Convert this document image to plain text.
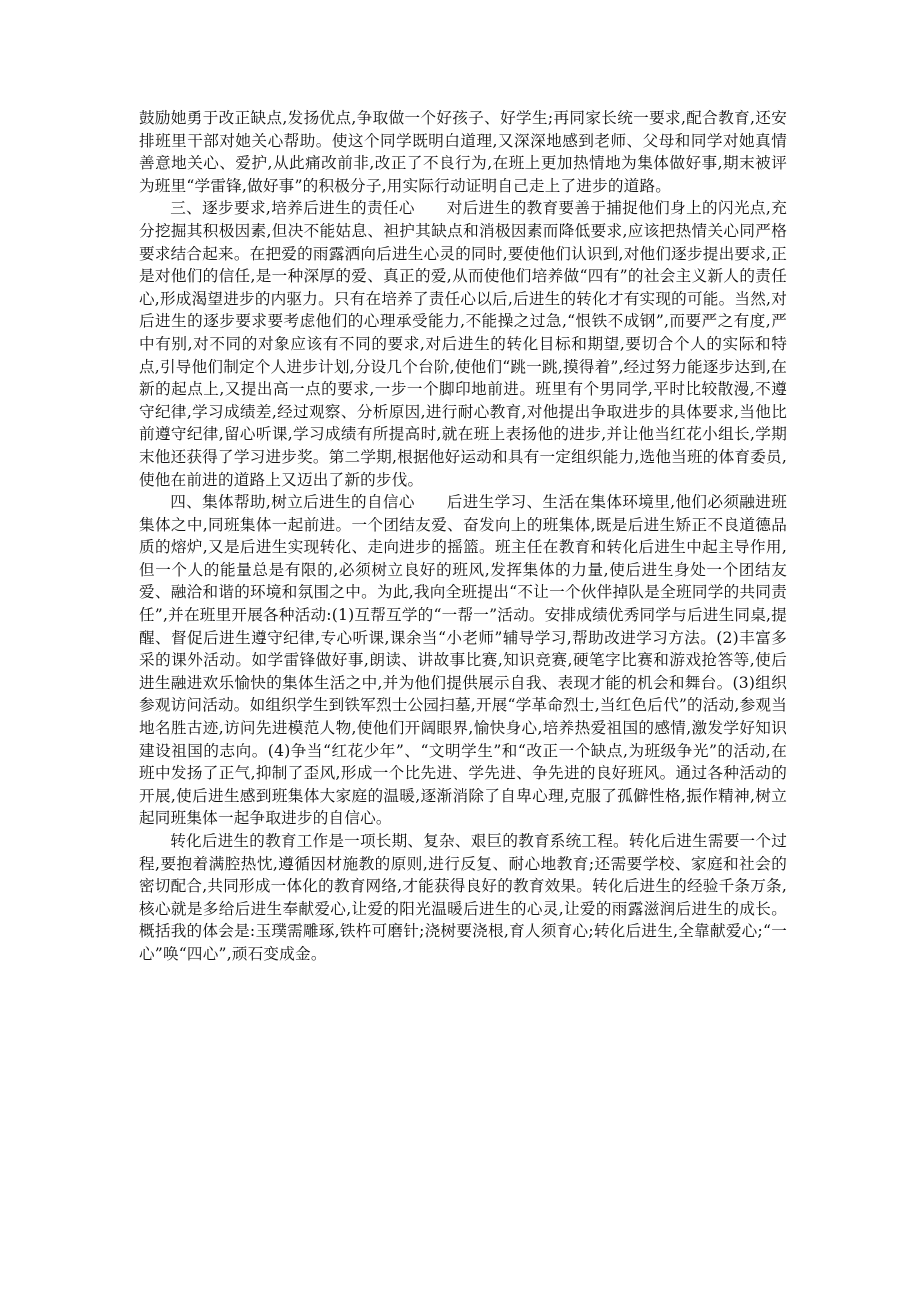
鼓励她勇于改正缺点,发扬优点,争取做一个好孩子、好学生;再同家长统一要求,配合教育,还安排班里干部对她关心帮助。使这个同学既明白道理,又深深地感到老师、父母和同学对她真情善意地关心、爱护,从此痛改前非,改正了不良行为,在班上更加热情地为集体做好事,期末被评为班里“学雷锋,做好事”的积极分子,用实际行动证明自己走上了进步的道路。

三、逐步要求,培养后进生的责任心　　对后进生的教育要善于捕捉他们身上的闪光点,充分挖掘其积极因素,但决不能姑息、袒护其缺点和消极因素而降低要求,应该把热情关心同严格要求结合起来。在把爱的雨露洒向后进生心灵的同时,要使他们认识到,对他们逐步提出要求,正是对他们的信任,是一种深厚的爱、真正的爱,从而使他们培养做“四有”的社会主义新人的责任心,形成渴望进步的内驱力。只有在培养了责任心以后,后进生的转化才有实现的可能。当然,对后进生的逐步要求要考虑他们的心理承受能力,不能操之过急,“恨铁不成钢”,而要严之有度,严中有别,对不同的对象应该有不同的要求,对后进生的转化目标和期望,要切合个人的实际和特点,引导他们制定个人进步计划,分设几个台阶,使他们“跳一跳,摸得着”,经过努力能逐步达到,在新的起点上,又提出高一点的要求,一步一个脚印地前进。班里有个男同学,平时比较散漫,不遵守纪律,学习成绩差,经过观察、分析原因,进行耐心教育,对他提出争取进步的具体要求,当他比前遵守纪律,留心听课,学习成绩有所提高时,就在班上表扬他的进步,并让他当红花小组长,学期末他还获得了学习进步奖。第二学期,根据他好运动和具有一定组织能力,选他当班的体育委员,使他在前进的道路上又迈出了新的步伐。

四、集体帮助,树立后进生的自信心　　后进生学习、生活在集体环境里,他们必须融进班集体之中,同班集体一起前进。一个团结友爱、奋发向上的班集体,既是后进生矫正不良道德品质的熔炉,又是后进生实现转化、走向进步的摇篮。班主任在教育和转化后进生中起主导作用,但一个人的能量总是有限的,必须树立良好的班风,发挥集体的力量,使后进生身处一个团结友爱、融洽和谐的环境和氛围之中。为此,我向全班提出“不让一个伙伴掉队是全班同学的共同责任”,并在班里开展各种活动:(1)互帮互学的“一帮一”活动。安排成绩优秀同学与后进生同桌,提醒、督促后进生遵守纪律,专心听课,课余当“小老师”辅导学习,帮助改进学习方法。(2)丰富多采的课外活动。如学雷锋做好事,朗读、讲故事比赛,知识竞赛,硬笔字比赛和游戏抢答等,使后进生融进欢乐愉快的集体生活之中,并为他们提供展示自我、表现才能的机会和舞台。(3)组织参观访问活动。如组织学生到铁军烈士公园扫墓,开展“学革命烈士,当红色后代”的活动,参观当地名胜古迹,访问先进模范人物,使他们开阔眼界,愉快身心,培养热爱祖国的感情,激发学好知识建设祖国的志向。(4)争当“红花少年”、“文明学生”和“改正一个缺点,为班级争光”的活动,在班中发扬了正气,抑制了歪风,形成一个比先进、学先进、争先进的良好班风。通过各种活动的开展,使后进生感到班集体大家庭的温暖,逐渐消除了自卑心理,克服了孤僻性格,振作精神,树立起同班集体一起争取进步的自信心。

转化后进生的教育工作是一项长期、复杂、艰巨的教育系统工程。转化后进生需要一个过程,要抱着满腔热忱,遵循因材施教的原则,进行反复、耐心地教育;还需要学校、家庭和社会的密切配合,共同形成一体化的教育网络,才能获得良好的教育效果。转化后进生的经验千条万条,核心就是多给后进生奉献爱心,让爱的阳光温暖后进生的心灵,让爱的雨露滋润后进生的成长。概括我的体会是:玉璞需雕琢,铁杵可磨针;浇树要浇根,育人须育心;转化后进生,全靠献爱心;“一心”唤“四心”,顽石变成金。
